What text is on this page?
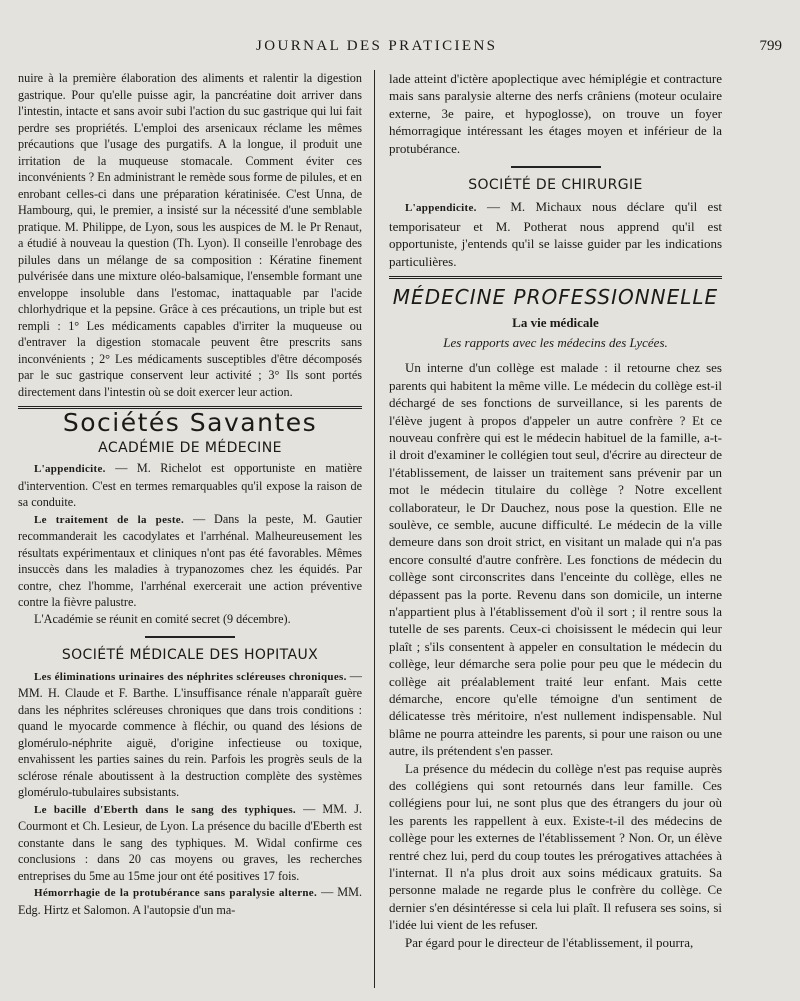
JOURNAL DES PRATICIENS	799

nuire à la première élaboration des aliments et ralentir la digestion gastrique. Pour qu'elle puisse agir, la pancréatine doit arriver dans l'intestin, intacte et sans avoir subi l'action du suc gastrique qui lui fait perdre ses propriétés. L'emploi des arsenicaux réclame les mêmes précautions que l'usage des purgatifs. A la longue, il produit une irritation de la muqueuse stomacale. Comment éviter ces inconvénients ? En administrant le remède sous forme de pilules, et en enrobant celles-ci dans une préparation kératinisée. C'est Unna, de Hambourg, qui, le premier, a insisté sur la nécessité d'une semblable pratique. M. Philippe, de Lyon, sous les auspices de M. le Pr Renaut, a étudié à nouveau la question (Th. Lyon). Il conseille l'enrobage des pilules dans un mélange de sa composition : Kératine finement pulvérisée dans une mixture oléo-balsamique, l'ensemble formant une enveloppe insoluble dans l'estomac, inattaquable par l'acide chlorhydrique et la pepsine. Grâce à ces précautions, un triple but est rempli : 1° Les médicaments capables d'irriter la muqueuse ou d'entraver la digestion stomacale peuvent être prescrits sans inconvénients ; 2° Les médicaments susceptibles d'être décomposés par le suc gastrique conservent leur activité ; 3° Ils sont portés directement dans l'intestin où se doit exercer leur action.

Sociétés Savantes
ACADÉMIE DE MÉDECINE

L'appendicite. — M. Richelot est opportuniste en matière d'intervention. C'est en termes remarquables qu'il expose la raison de sa conduite.

Le traitement de la peste. — Dans la peste, M. Gautier recommanderait les cacodylates et l'arrhénal. Malheureusement les résultats expérimentaux et cliniques n'ont pas été favorables. Mêmes insuccès dans les maladies à trypanozomes chez les équidés. Par contre, chez l'homme, l'arrhénal exercerait une action préventive contre la fièvre palustre.

L'Académie se réunit en comité secret (9 décembre).

SOCIÉTÉ MÉDICALE DES HOPITAUX

Les éliminations urinaires des néphrites scléreuses chroniques. — MM. H. Claude et F. Barthe. L'insuffisance rénale n'apparaît guère dans les néphrites scléreuses chroniques que dans trois conditions : quand le myocarde commence à fléchir, ou quand des lésions de glomérulo-néphrite aiguë, d'origine infectieuse ou toxique, envahissent les parties saines du rein. Parfois les progrès seuls de la sclérose rénale aboutissent à la destruction complète des systèmes glomérulo-tubulaires subsistants.

Le bacille d'Eberth dans le sang des typhiques. — MM. J. Courmont et Ch. Lesieur, de Lyon. La présence du bacille d'Eberth est constante dans le sang des typhiques. M. Widal confirme ces conclusions : dans 20 cas moyens ou graves, les recherches entreprises du 5me au 15me jour ont été positives 17 fois.

Hémorrhagie de la protubérance sans paralysie alterne. — MM. Edg. Hirtz et Salomon. A l'autopsie d'un ma-

lade atteint d'ictère apoplectique avec hémiplégie et contracture mais sans paralysie alterne des nerfs crâniens (moteur oculaire externe, 3e paire, et hypoglosse), on trouve un foyer hémorragique intéressant les étages moyen et inférieur de la protubérance.

SOCIÉTÉ DE CHIRURGIE

L'appendicite. — M. Michaux nous déclare qu'il est temporisateur et M. Potherat nous apprend qu'il est opportuniste, j'entends qu'il se laisse guider par les indications particulières.

MÉDECINE PROFESSIONNELLE
La vie médicale
Les rapports avec les médecins des Lycées.

Un interne d'un collège est malade : il retourne chez ses parents qui habitent la même ville. Le médecin du collège est-il déchargé de ses fonctions de surveillance, si les parents de l'élève jugent à propos d'appeler un autre confrère ? Et ce nouveau confrère qui est le médecin habituel de la famille, a-t-il droit d'examiner le collégien tout seul, d'écrire au directeur de l'établissement, de laisser un traitement sans prévenir par un mot le médecin titulaire du collège ? Notre excellent collaborateur, le Dr Dauchez, nous pose la question. Elle ne soulève, ce semble, aucune difficulté. Le médecin de la ville demeure dans son droit strict, en visitant un malade qui n'a pas encore consulté d'autre confrère. Les fonctions de médecin du collège sont circonscrites dans l'enceinte du collège, elles ne dépassent pas la porte. Revenu dans son domicile, un interne n'appartient plus à l'établissement d'où il sort ; il rentre sous la tutelle de ses parents. Ceux-ci choisissent le médecin qui leur plaît ; s'ils consentent à appeler en consultation le médecin du collège, leur démarche sera polie pour peu que le médecin du collège ait préalablement traité leur enfant. Mais cette démarche, encore qu'elle témoigne d'un sentiment de délicatesse très méritoire, n'est nullement indispensable. Nul blâme ne pourra atteindre les parents, si pour une raison ou une autre, ils prétendent s'en passer.

La présence du médecin du collège n'est pas requise auprès des collégiens qui sont retournés dans leur famille. Ces collégiens pour lui, ne sont plus que des étrangers du jour où les parents les rappellent à eux. Existe-t-il des médecins de collège pour les externes de l'établissement ? Non. Or, un élève rentré chez lui, perd du coup toutes les prérogatives attachées à l'internat. Il n'a plus droit aux soins médicaux gratuits. Sa personne malade ne regarde plus le confrère du collège. Ce dernier s'en désintéresse si cela lui plaît. Il refusera ses soins, si l'idée lui vient de les refuser.

Par égard pour le directeur de l'établissement, il pourra,
